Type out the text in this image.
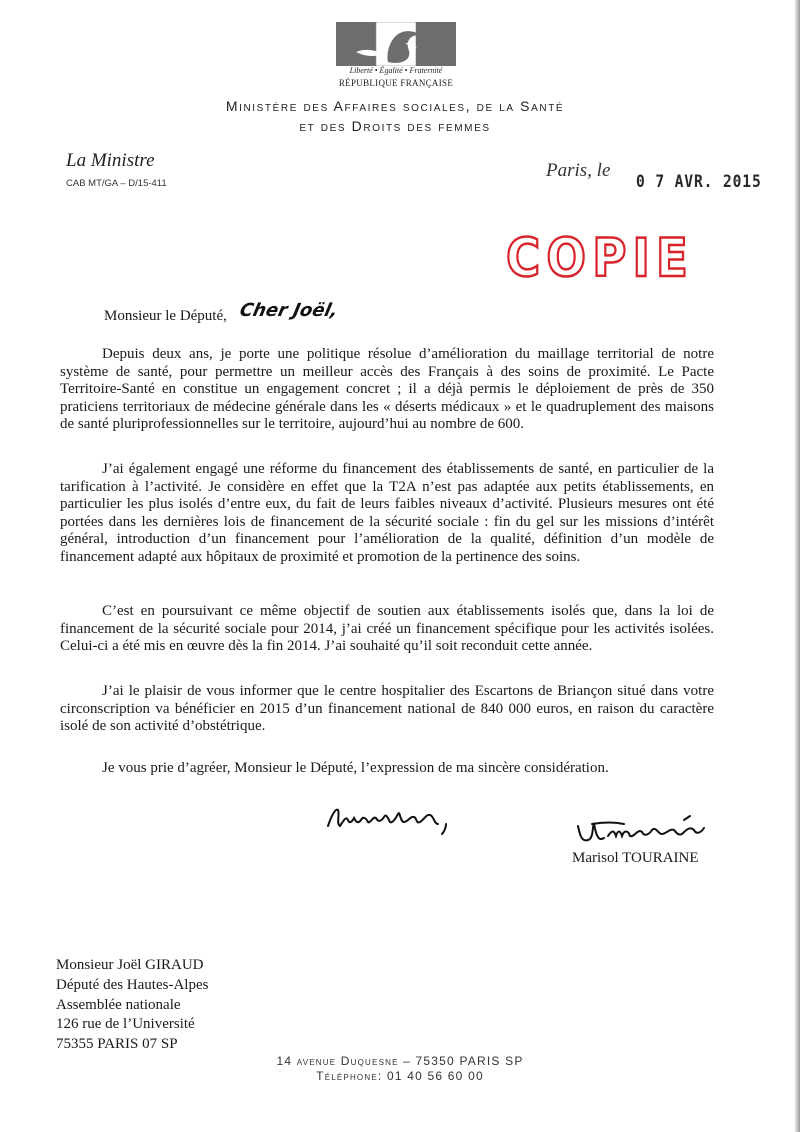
Liberté • Égalité • Fraternité
RÉPUBLIQUE FRANÇAISE
Ministère des Affaires sociales, de la Santé
et des Droits des femmes
La Ministre
CAB MT/GA – D/15-411
Paris, le
0 7 AVR. 2015
COPIE
Monsieur le Député, Cher Joël,

Depuis deux ans, je porte une politique résolue d’amélioration du maillage territorial de notre système de santé, pour permettre un meilleur accès des Français à des soins de proximité. Le Pacte Territoire-Santé en constitue un engagement concret ; il a déjà permis le déploiement de près de 350 praticiens territoriaux de médecine générale dans les « déserts médicaux » et le quadruplement des maisons de santé pluriprofessionnelles sur le territoire, aujourd’hui au nombre de 600.

J’ai également engagé une réforme du financement des établissements de santé, en particulier de la tarification à l’activité. Je considère en effet que la T2A n’est pas adaptée aux petits établissements, en particulier les plus isolés d’entre eux, du fait de leurs faibles niveaux d’activité. Plusieurs mesures ont été portées dans les dernières lois de financement de la sécurité sociale : fin du gel sur les missions d’intérêt général, introduction d’un financement pour l’amélioration de la qualité, définition d’un modèle de financement adapté aux hôpitaux de proximité et promotion de la pertinence des soins.

C’est en poursuivant ce même objectif de soutien aux établissements isolés que, dans la loi de financement de la sécurité sociale pour 2014, j’ai créé un financement spécifique pour les activités isolées. Celui-ci a été mis en œuvre dès la fin 2014. J’ai souhaité qu’il soit reconduit cette année.

J’ai le plaisir de vous informer que le centre hospitalier des Escartons de Briançon situé dans votre circonscription va bénéficier en 2015 d’un financement national de 840 000 euros, en raison du caractère isolé de son activité d’obstétrique.

Je vous prie d’agréer, Monsieur le Député, l’expression de ma sincère considération.

Marisol TOURAINE
Monsieur Joël GIRAUD
Député des Hautes-Alpes
Assemblée nationale
126 rue de l’Université
75355 PARIS 07 SP
14 avenue Duquesne – 75350 PARIS SP
Téléphone: 01 40 56 60 00
